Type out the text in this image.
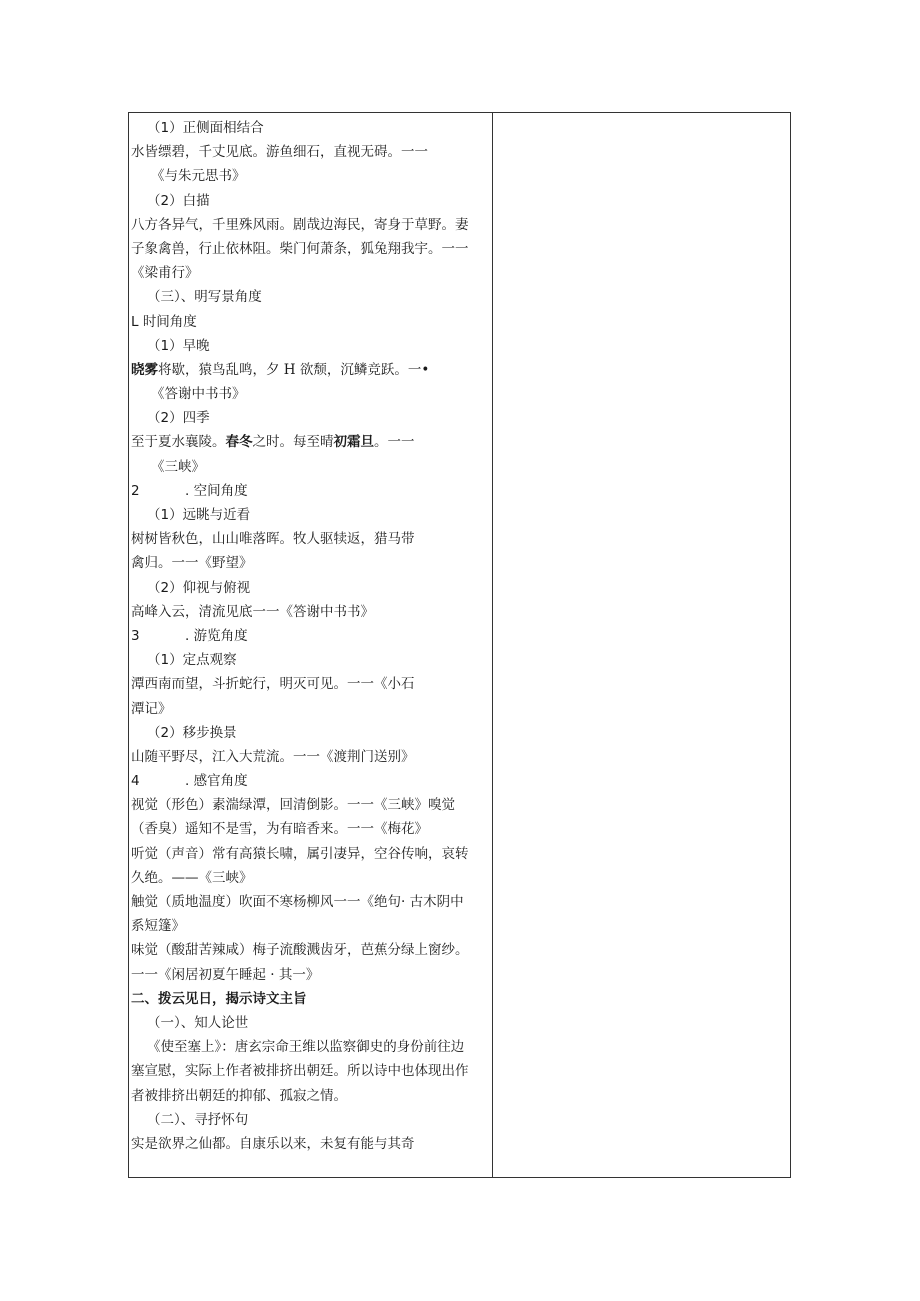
（1）正侧面相结合
水皆缥碧，千丈见底。游鱼细石，直视无碍。一一
《与朱元思书》
（2）白描
八方各异气，千里殊风雨。剧哉边海民，寄身于草野。妻
子象禽兽，行止依林阻。柴门何萧条，狐兔翔我宇。一一
《梁甫行》
（三）、明写景角度
L 时间角度
（1）早晚
晓雾将歇，猿鸟乱鸣，夕 H 欲颓，沉鳞竞跃。一•
《答谢中书书》
（2）四季
至于夏水襄陵。春冬之时。每至晴初霜旦。一一
《三峡》
2	. 空间角度
（1）远眺与近看
树树皆秋色，山山唯落晖。牧人驱犊返，猎马带
禽归。一一《野望》
（2）仰视与俯视
高峰入云，清流见底一一《答谢中书书》
3	. 游览角度
（1）定点观察
潭西南而望，斗折蛇行，明灭可见。一一《小石
潭记》
（2）移步换景
山随平野尽，江入大荒流。一一《渡荆门送别》
4	. 感官角度
视觉（形色）素湍绿潭，回清倒影。一一《三峡》嗅觉
（香臭）遥知不是雪，为有暗香来。一一《梅花》
听觉（声音）常有高猿长啸，属引凄异，空谷传响，哀转
久绝。——《三峡》
触觉（质地温度）吹面不寒杨柳风一一《绝句· 古木阴中
系短篷》
味觉（酸甜苦辣咸）梅子流酸溅齿牙，芭蕉分绿上窗纱。
一一《闲居初夏午睡起 · 其一》
二、拨云见日，揭示诗文主旨
（一）、知人论世
《使至塞上》：唐玄宗命王维以监察御史的身份前往边
塞宣慰，实际上作者被排挤出朝廷。所以诗中也体现出作
者被排挤出朝廷的抑郁、孤寂之情。
（二）、寻抒怀句
实是欲界之仙都。自康乐以来，未复有能与其奇
